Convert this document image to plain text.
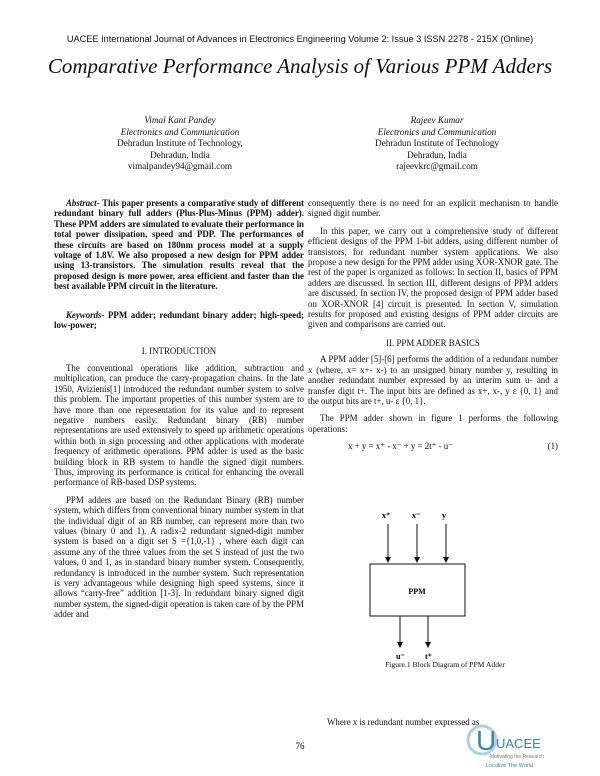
UACEE International Journal of Advances in Electronics Engineering Volume 2: Issue 3 ISSN 2278 - 215X (Online)
Comparative Performance Analysis of Various PPM Adders
Vimal Kant Pandey
Electronics and Communication
Dehradun Institute of Technology,
Dehradun, India
vimalpandey94@gmail.com
Rajeev Kumar
Electronics and Communication
Dehradun Institute of Technology
Dehradun, India
rajeevkrc@gmail.com

Abstract- This paper presents a comparative study of different redundant binary full adders (Plus-Plus-Minus (PPM) adder). These PPM adders are simulated to evaluate their performance in total power dissipation, speed and PDP. The performances of these circuits are based on 180nm process model at a supply voltage of 1.8V. We also proposed a new design for PPM adder using 13-transistors. The simulation results reveal that the proposed design is more power, area efficient and faster than the best available PPM circuit in the literature.

Keywords- PPM adder; redundant binary adder; high-speed; low-power;

I. INTRODUCTION

The conventional operations like addition, subtraction and multiplication, can produce the carry-propagation chains. In the late 1950, Avizienis[1] introduced the redundant number system to solve this problem. The important properties of this number system are to have more than one representation for its value and to represent negative numbers easily. Redundant binary (RB) number representations are used extensively to speed up arithmetic operations within both in sign processing and other applications with moderate frequency of arithmetic operations. PPM adder is used as the basic building block in RB system to handle the signed digit numbers. Thus, improving its performance is critical for enhancing the overall performance of RB-based DSP systems.

PPM adders are based on the Redundant Binary (RB) number system, which differs from conventional binary number system in that the individual digit of an RB number, can represent more than two values (binary 0 and 1). A radix-2 redundant signed-digit number system is based on a digit set S ={1,0,-1} , where each digit can assume any of the three values from the set S instead of just the two values, 0 and 1, as in standard binary number system. Consequently, redundancy is introduced in the number system. Such representation is very advantageous while designing high speed systems, since it allows “carry-free” addition [1-3]. In redundant binary signed digit number system, the signed-digit operation is taken care of by the PPM adder and

consequently there is no need for an explicit mechanism to handle signed digit number.

In this paper, we carry out a comprehensive study of different efficient designs of the PPM 1-bit adders, using different number of transistors, for redundant number system applications. We also propose a new design for the PPM adder using XOR-XNOR gate. The rest of the paper is organized as follows: In section II, basics of PPM adders are discussed. In section III, different designs of PPM adders are discussed. In section IV, the proposed design of PPM adder based on XOR-XNOR [4] circuit is presented. In section V, simulation results for proposed and existing designs of PPM adder circuits are given and comparisons are carried out.

II. PPM ADDER BASICS

A PPM adder [5]-[6] performs the addition of a redundant number x (where, x= x+- x-) to an unsigned binary number y, resulting in another redundant number expressed by an interim sum u- and a transfer digit t+. The input bits are defined as x+, x-, y ε {0, 1} and the output bits are t+, u- ε {0, 1}.

The PPM adder shown in figure 1 performs the following operations:

x + y = x⁺ - x⁻ + y = 2t⁺ - u⁻	(1)
x⁺	x⁻	y
PPM
u⁻	t⁺
Figure.1 Block Diagram of PPM Adder
Where x is redundant number expressed as
U UACEE
Motivating the Research
Localize The World
76
